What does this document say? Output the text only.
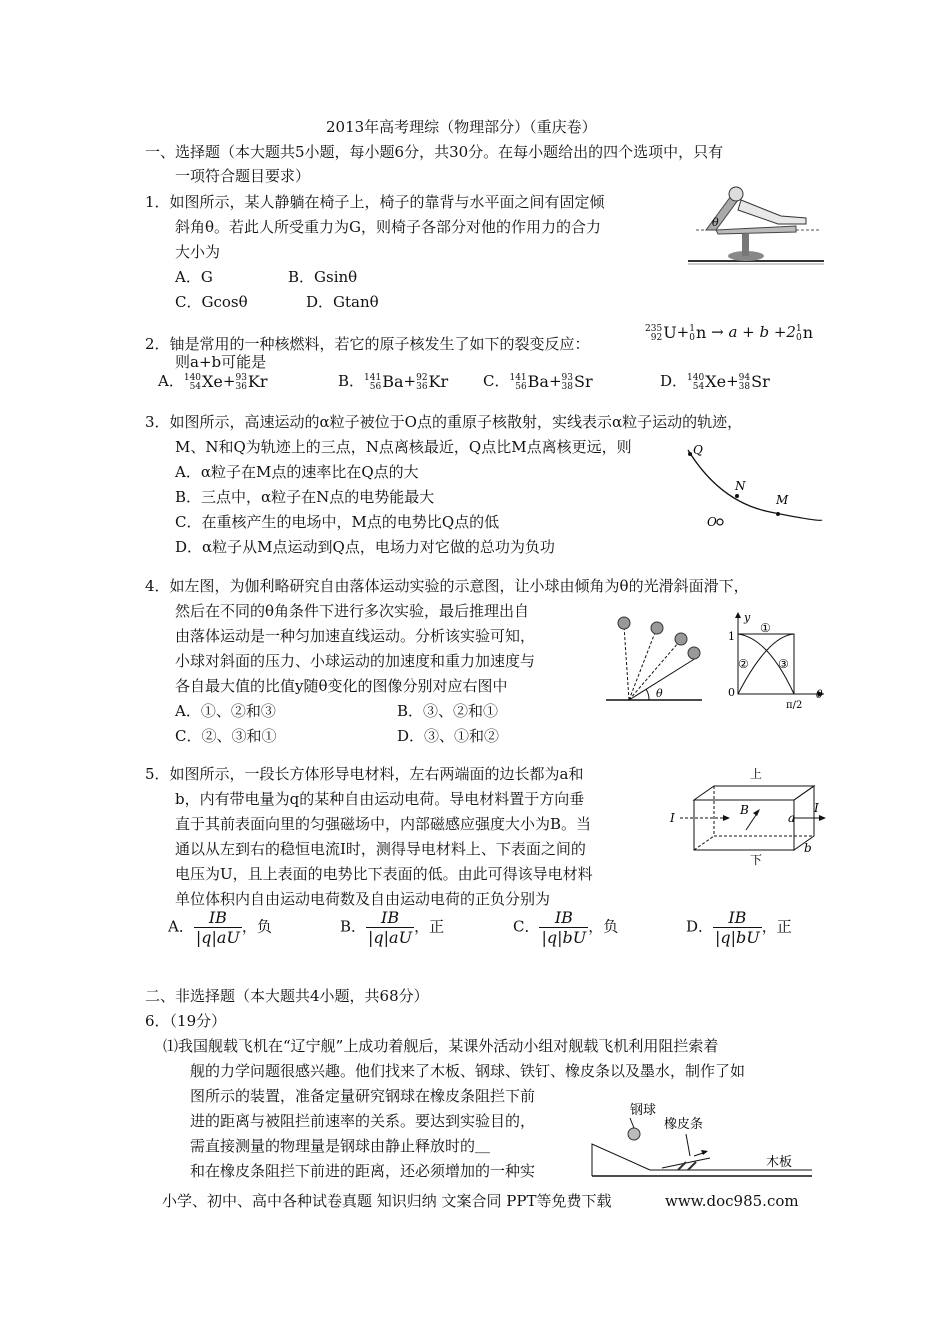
2013年高考理综（物理部分）（重庆卷）
一、选择题（本大题共5小题，每小题6分，共30分。在每小题给出的四个选项中，只有
一项符合题目要求）
1．如图所示，某人静躺在椅子上，椅子的靠背与水平面之间有固定倾
斜角θ。若此人所受重力为G，则椅子各部分对他的作用力的合力
大小为
A．G	B．Gsinθ
C．Gcosθ	D．Gtanθ
θ
2．铀是常用的一种核燃料，若它的原子核发生了如下的裂变反应：
235
92 U+ 1
0 n → a + b +2 1
0 n
则a+b可能是
A． 140
54 Xe+ 93
36 Kr	B． 141
56 Ba+ 92
36 Kr C． 141
56 Ba+ 93
38 Sr	D． 140
54 Xe+ 94
38 Sr
3．如图所示，高速运动的α粒子被位于O点的重原子核散射，实线表示α粒子运动的轨迹，
M、N和Q为轨迹上的三点，N点离核最近，Q点比M点离核更远，则
A．α粒子在M点的速率比在Q点的大
B．三点中，α粒子在N点的电势能最大
C．在重核产生的电场中，M点的电势比Q点的低
D．α粒子从M点运动到Q点，电场力对它做的总功为负功
Q
N
M
O
4．如左图，为伽利略研究自由落体运动实验的示意图，让小球由倾角为θ的光滑斜面滑下，
然后在不同的θ角条件下进行多次实验，最后推理出自
由落体运动是一种匀加速直线运动。分析该实验可知，
小球对斜面的压力、小球运动的加速度和重力加速度与
各自最大值的比值y随θ变化的图像分别对应右图中
A．①、②和③	B．③、②和①
C．②、③和①	D．③、①和②
θ
y
1
0
π/2
θ
①
② ③
5．如图所示，一段长方体形导电材料，左右两端面的边长都为a和
b，内有带电量为q的某种自由运动电荷。导电材料置于方向垂
直于其前表面向里的匀强磁场中，内部磁感应强度大小为B。当
通以从左到右的稳恒电流I时，测得导电材料上、下表面之间的
电压为U，且上表面的电势比下表面的低。由此可得该导电材料
单位体积内自由运动电荷数及自由运动电荷的正负分别为
上
I
I
B
a
b
下
A． $\frac{IB}{|q|aU}$ ，负	B． $\frac{IB}{|q|aU}$ ，正	C． $\frac{IB}{|q|bU}$ ，负	D． $\frac{IB}{|q|bU}$ ，正
二、非选择题（本大题共4小题，共68分）
6．（19分）
⑴我国舰载飞机在“辽宁舰”上成功着舰后，某课外活动小组对舰载飞机利用阻拦索着
舰的力学问题很感兴趣。他们找来了木板、钢球、铁钉、橡皮条以及墨水，制作了如
图所示的装置，准备定量研究钢球在橡皮条阻拦下前
进的距离与被阻拦前速率的关系。要达到实验目的，
需直接测量的物理量是钢球由静止释放时的＿
和在橡皮条阻拦下前进的距离，还必须增加的一种实
钢球
橡皮条
木板
小学、初中、高中各种试卷真题 知识归纳 文案合同 PPT等免费下载	www.doc985.com
